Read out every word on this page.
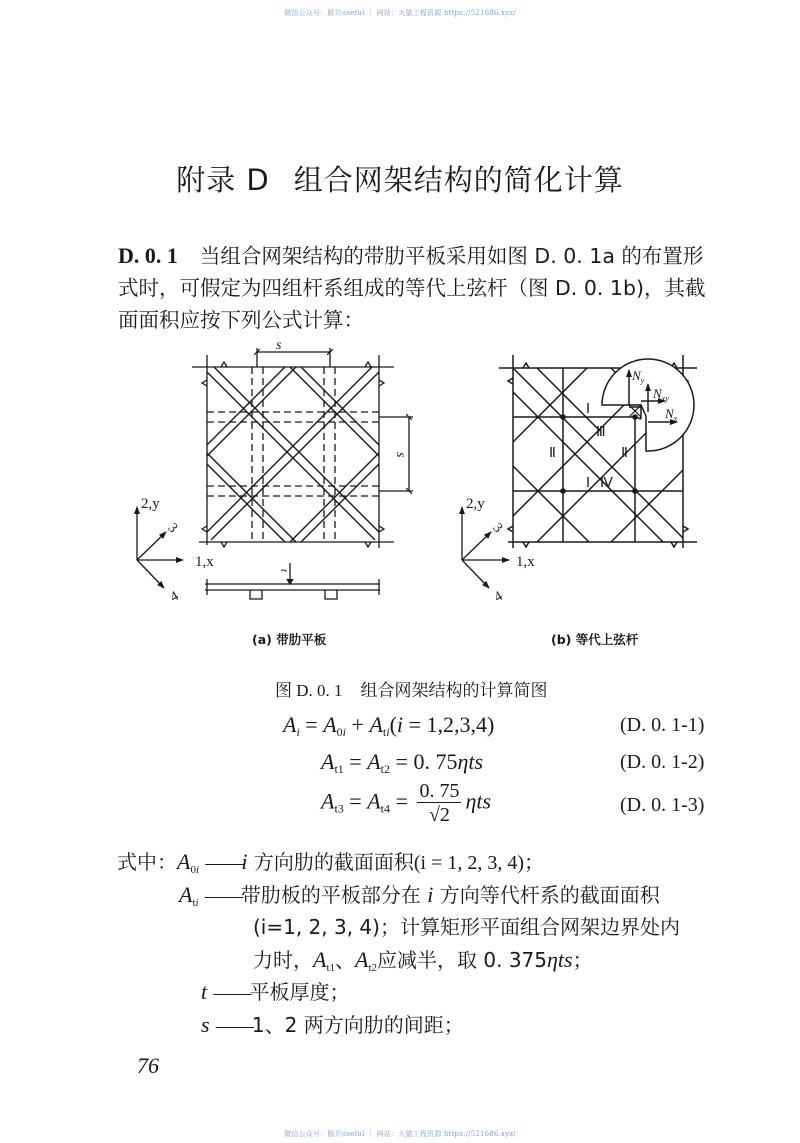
微信公众号：豚贝useful ｜ 网站：大猫工程资源 https://521686.xyz/
附录 D 组合网架结构的简化计算
D. 0. 1 当组合网架结构的带肋平板采用如图 D. 0. 1a 的布置形
式时，可假定为四组杆系组成的等代上弦杆（图 D. 0. 1b)，其截
面面积应按下列公式计算：
s
s
t
2,y
1,x
3
4
$N_y$
$N_{xy}$
$N_x$
Ⅰ
Ⅲ
Ⅱ	Ⅱ
Ⅰ Ⅳ
2,y
1,x
3
4
(a) 带肋平板	(b) 等代上弦杆
图 D. 0. 1 组合网架结构的计算简图
$A_i = A_{0i} + A_{ti}(i = 1,2,3,4)$	(D. 0. 1-1)
$A_{t1} = A_{t2} = 0$. 75ηts	(D. 0. 1-2)
$A_{t3} = A_{t4} = \frac{0. 75}{√2}$ ηts	(D. 0. 1-3)
式中：$A_{0i}$ ——i 方向肋的截面面积(i = 1, 2, 3, 4)；
$A_{ti}$ ——带肋板的平板部分在 i 方向等代杆系的截面面积
(i=1, 2, 3, 4)；计算矩形平面组合网架边界处内
力时，$A_{t1}$、$A_{t2}$应减半，取 0. 375ηts；
t ——平板厚度；
s ——1、2 两方向肋的间距；
76
微信公众号：豚贝useful ｜ 网站：大猫工程资源 https://521686.xyz/
